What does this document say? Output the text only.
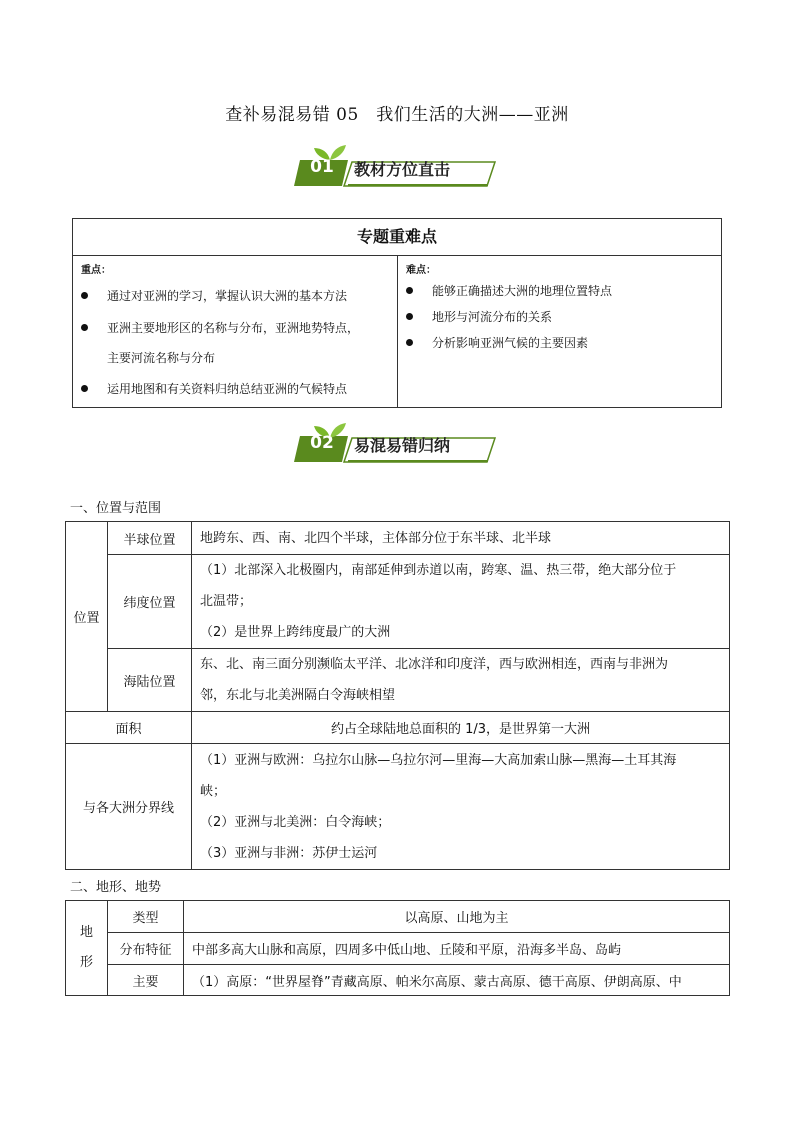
查补易混易错 05　我们生活的大洲——亚洲
01	教材方位直击
专题重难点
重点：
通过对亚洲的学习，掌握认识大洲的基本方法
亚洲主要地形区的名称与分布，亚洲地势特点，
主要河流名称与分布
运用地图和有关资料归纳总结亚洲的气候特点
难点：
能够正确描述大洲的地理位置特点
地形与河流分布的关系
分析影响亚洲气候的主要因素
02	易混易错归纳
一、位置与范围
位置	半球位置	地跨东、西、南、北四个半球，主体部分位于东半球、北半球

	纬度位置	（1）北部深入北极圈内，南部延伸到赤道以南，跨寒、温、热三带，绝大部分位于
北温带；
（2）是世界上跨纬度最广的大洲

	海陆位置	东、北、南三面分别濒临太平洋、北冰洋和印度洋，西与欧洲相连，西南与非洲为
邻，东北与北美洲隔白令海峡相望

面积		约占全球陆地总面积的 1/3，是世界第一大洲
与各大洲分界线		（1）亚洲与欧洲：乌拉尔山脉—乌拉尔河—里海—大高加索山脉—黑海—土耳其海
峡；
（2）亚洲与北美洲：白令海峡；
（3）亚洲与非洲：苏伊士运河
二、地形、地势
地形	类型	以高原、山地为主
	分布特征	中部多高大山脉和高原，四周多中低山地、丘陵和平原，沿海多半岛、岛屿
	主要	（1）高原：“世界屋脊”青藏高原、帕米尔高原、蒙古高原、德干高原、伊朗高原、中
